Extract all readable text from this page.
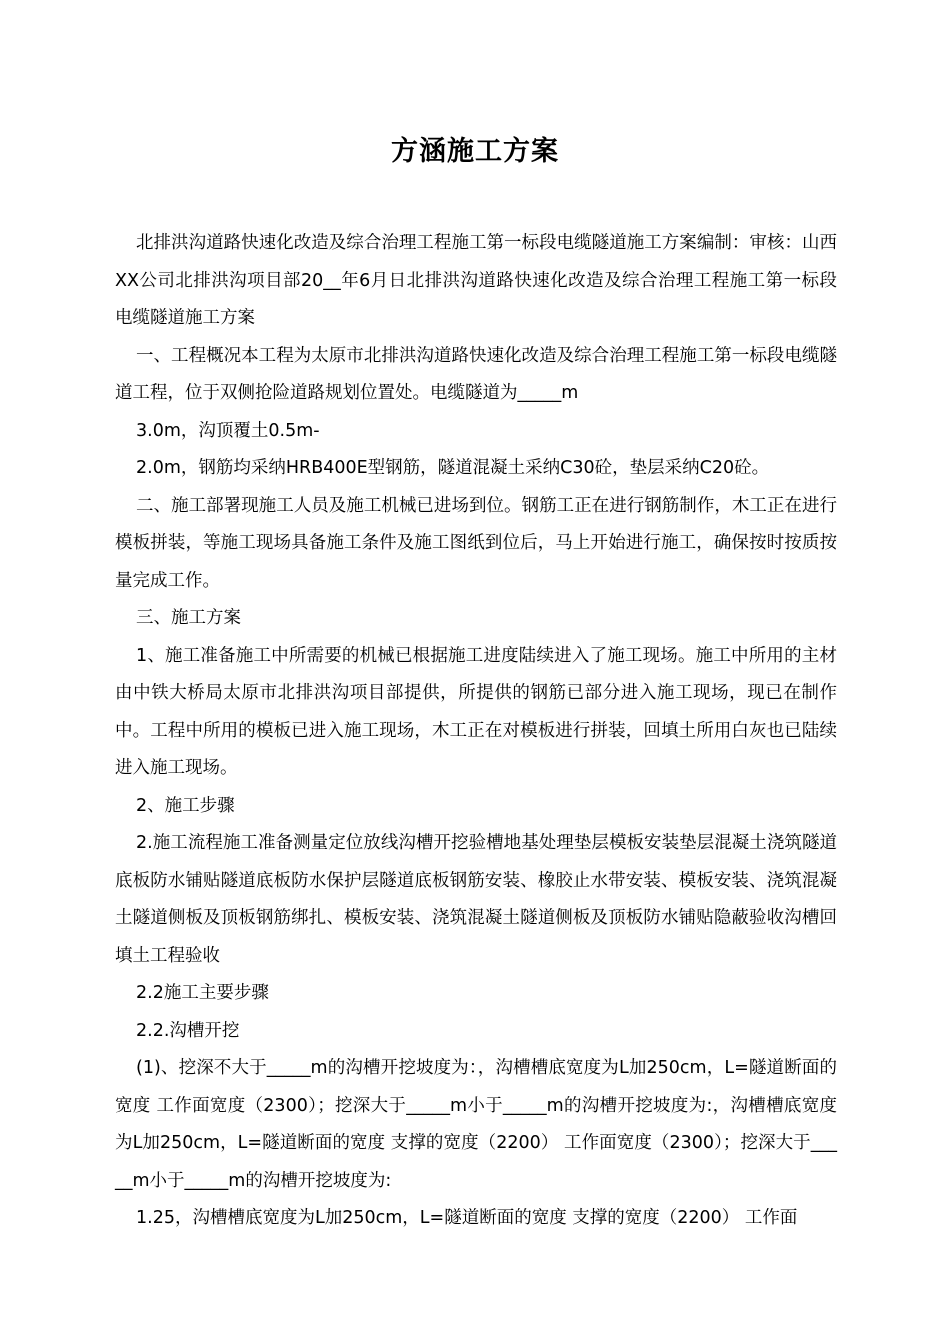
方涵施工方案

北排洪沟道路快速化改造及综合治理工程施工第一标段电缆隧道施工方案编制：审核：山西XX公司北排洪沟项目部20__年6月日北排洪沟道路快速化改造及综合治理工程施工第一标段电缆隧道施工方案

一、工程概况本工程为太原市北排洪沟道路快速化改造及综合治理工程施工第一标段电缆隧道工程，位于双侧抢险道路规划位置处。电缆隧道为_____m

3.0m，沟顶覆土0.5m-

2.0m，钢筋均采纳HRB400E型钢筋，隧道混凝土采纳C30砼，垫层采纳C20砼。

二、施工部署现施工人员及施工机械已进场到位。钢筋工正在进行钢筋制作，木工正在进行模板拼装，等施工现场具备施工条件及施工图纸到位后，马上开始进行施工，确保按时按质按量完成工作。

三、施工方案

1、施工准备施工中所需要的机械已根据施工进度陆续进入了施工现场。施工中所用的主材由中铁大桥局太原市北排洪沟项目部提供，所提供的钢筋已部分进入施工现场，现已在制作中。工程中所用的模板已进入施工现场，木工正在对模板进行拼装，回填土所用白灰也已陆续进入施工现场。

2、施工步骤

2.施工流程施工准备测量定位放线沟槽开挖验槽地基处理垫层模板安装垫层混凝土浇筑隧道底板防水铺贴隧道底板防水保护层隧道底板钢筋安装、橡胶止水带安装、模板安装、浇筑混凝土隧道侧板及顶板钢筋绑扎、模板安装、浇筑混凝土隧道侧板及顶板防水铺贴隐蔽验收沟槽回填土工程验收

2.2施工主要步骤

2.2.沟槽开挖

(1)、挖深不大于_____m的沟槽开挖坡度为：，沟槽槽底宽度为L加250cm，L=隧道断面的宽度 工作面宽度（2300）；挖深大于_____m小于_____m的沟槽开挖坡度为:，沟槽槽底宽度为L加250cm，L=隧道断面的宽度 支撑的宽度（2200） 工作面宽度（2300）；挖深大于_____m小于_____m的沟槽开挖坡度为:

1.25，沟槽槽底宽度为L加250cm，L=隧道断面的宽度 支撑的宽度（2200） 工作面
